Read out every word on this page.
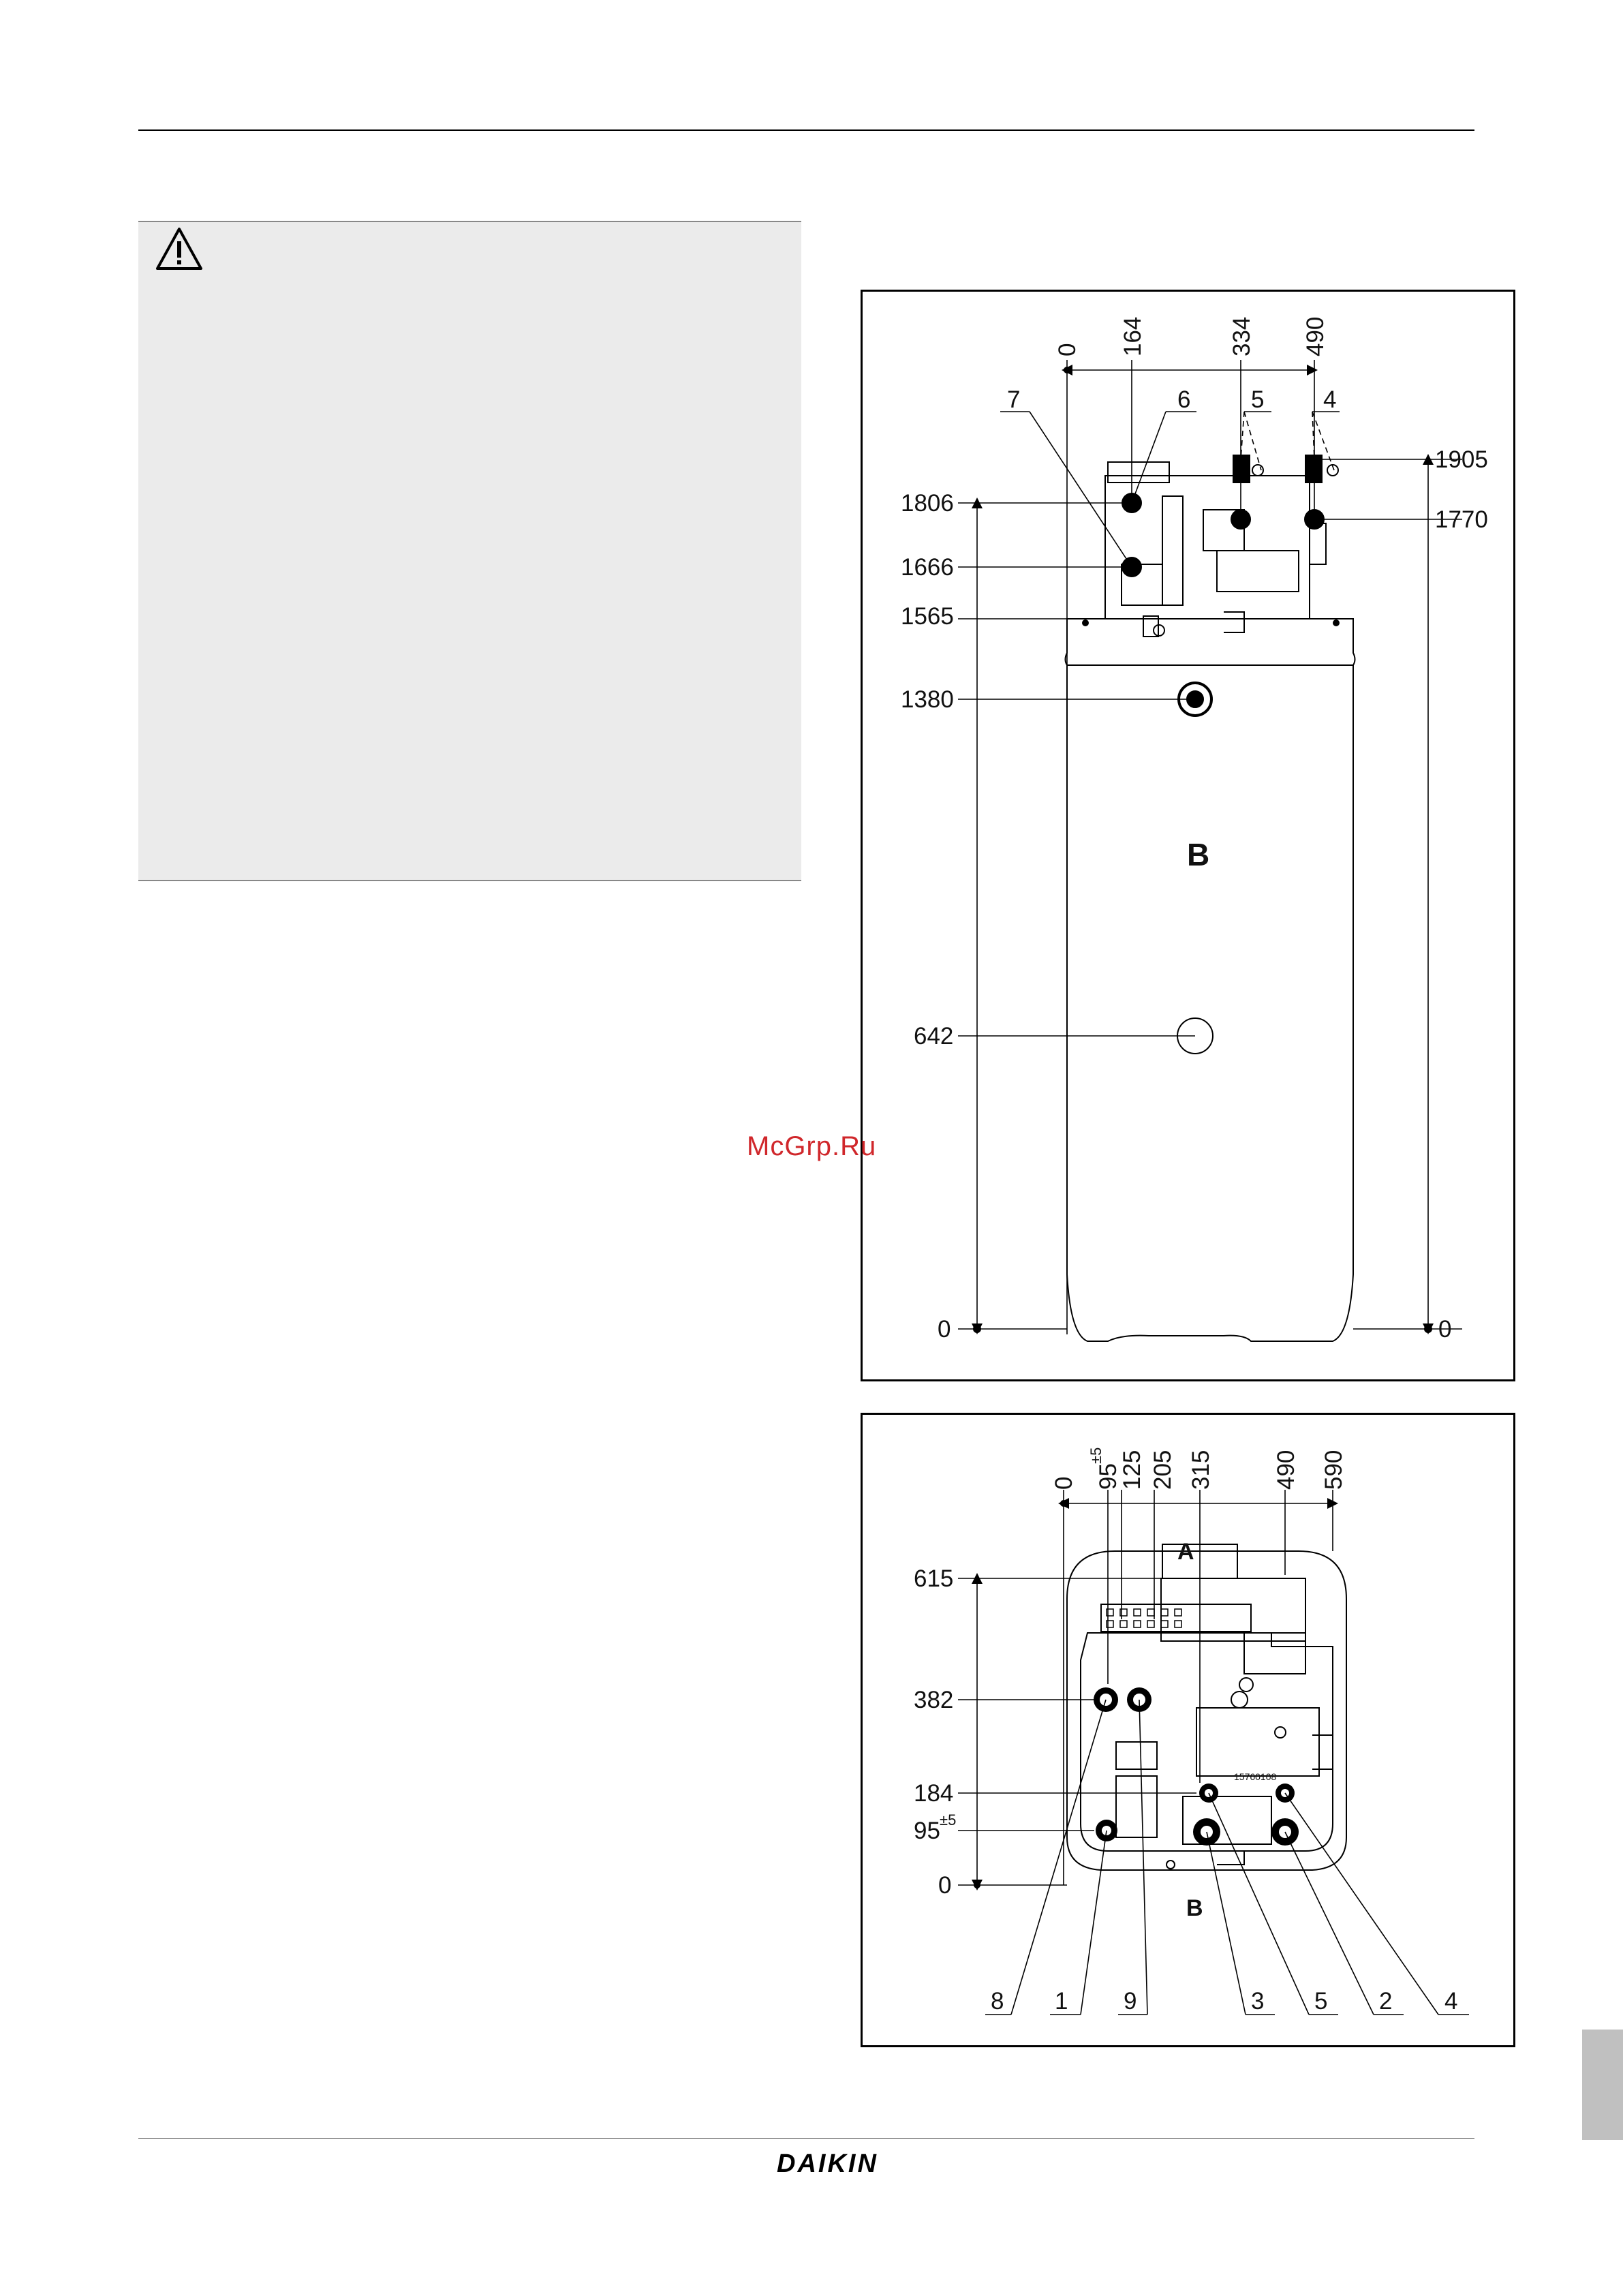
0 164	334 490
7	6	5 4
1806
1666
1565
1380
642
0
1905
1770
0
B
0 95
±5 125 205 315 490 590
A
B
615
382
184
95 ±5
0
15760108
8 1 9	3 5 2 4
McGrp.Ru
DAIKIN
